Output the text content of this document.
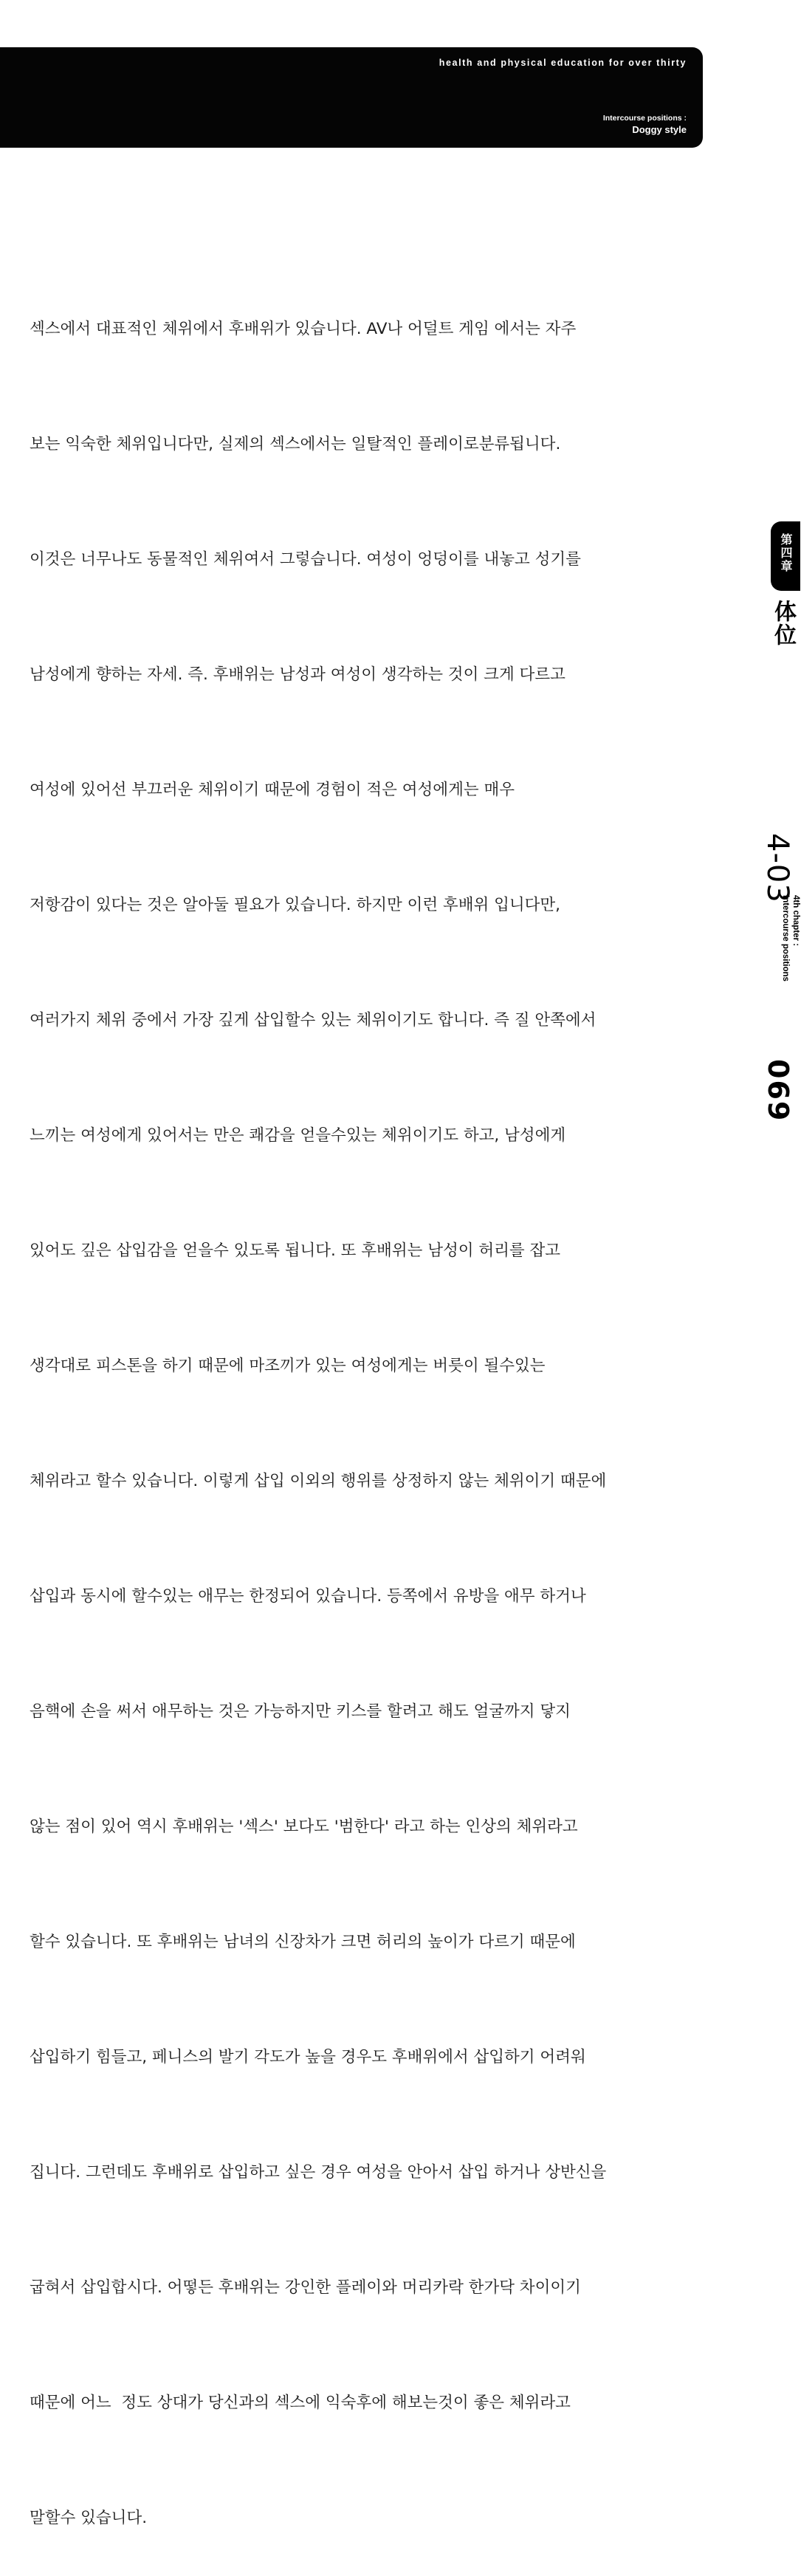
health and physical education for over thirty
Intercourse positions :
Doggy style

섹스에서 대표적인 체위에서 후배위가 있습니다. AV나 어덜트 게임 에서는 자주

보는 익숙한 체위입니다만, 실제의 섹스에서는 일탈적인 플레이로분류됩니다.

이것은 너무나도 동물적인 체위여서 그렇습니다. 여성이 엉덩이를 내놓고 성기를

남성에게 향하는 자세. 즉. 후배위는 남성과 여성이 생각하는 것이 크게 다르고

여성에 있어선 부끄러운 체위이기 때문에 경험이 적은 여성에게는 매우

저항감이 있다는 것은 알아둘 필요가 있습니다. 하지만 이런 후배위 입니다만,

여러가지 체위 중에서 가장 깊게 삽입할수 있는 체위이기도 합니다. 즉 질 안쪽에서

느끼는 여성에게 있어서는 만은 쾌감을 얻을수있는 체위이기도 하고, 남성에게

있어도 깊은 삽입감을 얻을수 있도록 됩니다. 또 후배위는 남성이 허리를 잡고

생각대로 피스톤을 하기 때문에 마조끼가 있는 여성에게는 버릇이 될수있는

체위라고 할수 있습니다. 이렇게 삽입 이외의 행위를 상정하지 않는 체위이기 때문에

삽입과 동시에 할수있는 애무는 한정되어 있습니다. 등쪽에서 유방을 애무 하거나

음핵에 손을 써서 애무하는 것은 가능하지만 키스를 할려고 해도 얼굴까지 닿지

않는 점이 있어 역시 후배위는 '섹스' 보다도 '범한다' 라고 하는 인상의 체위라고

할수 있습니다. 또 후배위는 남녀의 신장차가 크면 허리의 높이가 다르기 때문에

삽입하기 힘들고, 페니스의 발기 각도가 높을 경우도 후배위에서 삽입하기 어려워

집니다. 그런데도 후배위로 삽입하고 싶은 경우 여성을 안아서 삽입 하거나 상반신을

굽혀서 삽입합시다. 어떻든 후배위는 강인한 플레이와 머리카락 한가닥 차이이기

때문에 어느  정도 상대가 당신과의 섹스에 익숙후에 해보는것이 좋은 체위라고

말할수 있습니다.

第四章
体位
4-03
4th chapter :
Intercourse positions
069
